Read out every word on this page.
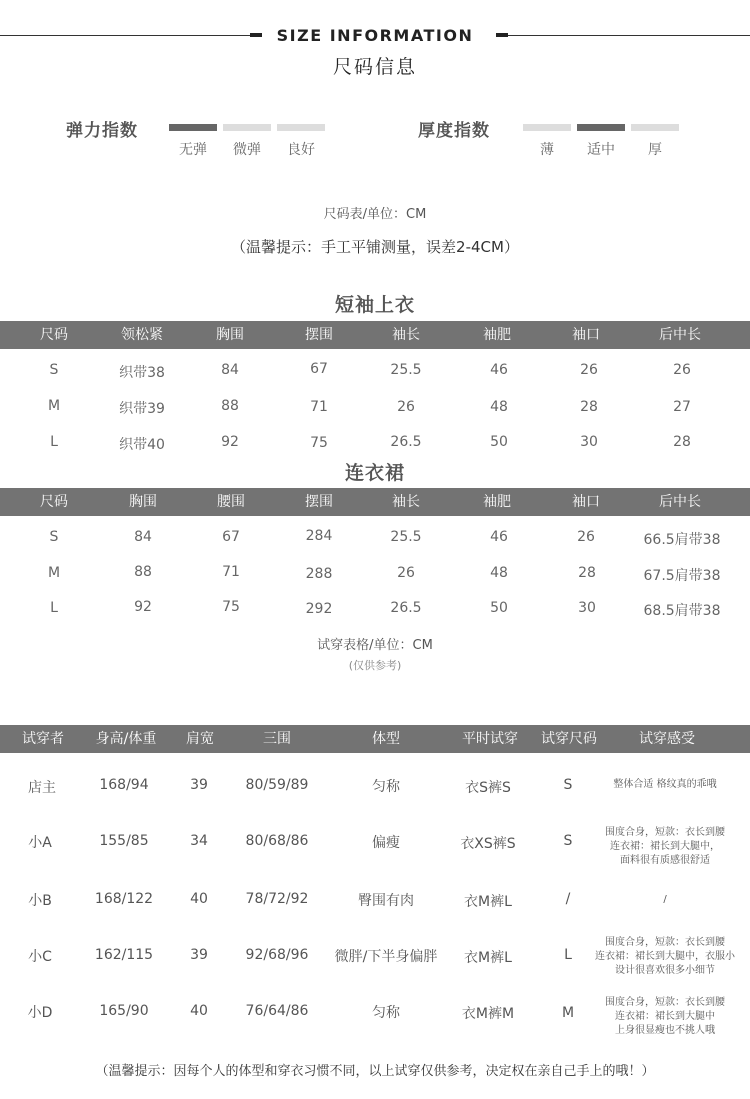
SIZE INFORMATION
尺码信息
弹力指数
无弹	微弹	良好
厚度指数
薄	适中	厚
尺码表/单位：CM
（温馨提示：手工平铺测量，误差2-4CM）
短袖上衣
尺码	领松紧	胸围	摆围	袖长	袖肥	袖口	后中长
S	织带38	84	67	25.5	46	26	26
M	织带39	88	71	26	48	28	27
L	织带40	92	75	26.5	50	30	28
连衣裙
尺码	胸围	腰围	摆围	袖长	袖肥	袖口	后中长
S	84	67	284	25.5	46	26	66.5肩带38
M	88	71	288	26	48	28	67.5肩带38
L	92	75	292	26.5	50	30	68.5肩带38
试穿表格/单位：CM
(仅供参考)
试穿者 身高/体重 肩宽	三围	体型	平时试穿 试穿尺码	试穿感受
店主	168/94	39	80/59/89	匀称	衣S裤S	S	整体合适 格纹真的乖哦
小A	155/85	34	80/68/86	偏瘦	衣XS裤S	S
围度合身，短款：衣长到腰
连衣裙：裙长到大腿中，
面料很有质感很舒适
小B	168/122	40	78/72/92	臀围有肉	衣M裤L	/	/
小C	162/115	39	92/68/96 微胖/下半身偏胖 衣M裤L	L
围度合身，短款：衣长到腰
连衣裙：裙长到大腿中，衣服小
设计很喜欢很多小细节
小D	165/90	40	76/64/86	匀称	衣M裤M	M
围度合身，短款：衣长到腰
连衣裙：裙长到大腿中
上身很显瘦也不挑人哦
（温馨提示：因每个人的体型和穿衣习惯不同，以上试穿仅供参考，决定权在亲自己手上的哦！）
